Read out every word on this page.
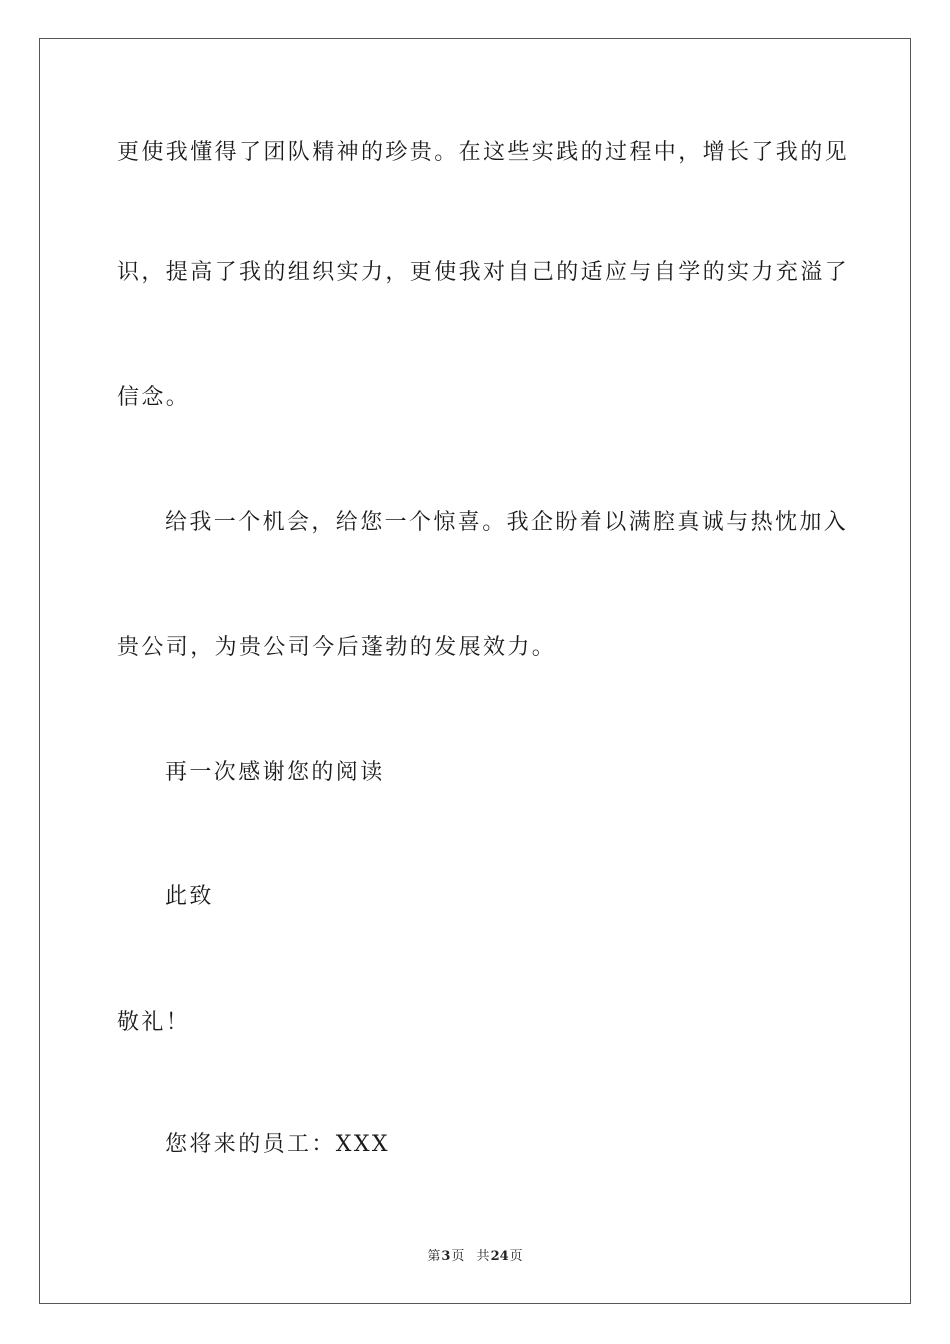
更使我懂得了团队精神的珍贵。在这些实践的过程中，增长了我的见
识，提高了我的组织实力，更使我对自己的适应与自学的实力充溢了
信念。
给我一个机会，给您一个惊喜。我企盼着以满腔真诚与热忱加入
贵公司，为贵公司今后蓬勃的发展效力。
再一次感谢您的阅读
此致
敬礼！
您将来的员工：XXX
第3页 共24页
